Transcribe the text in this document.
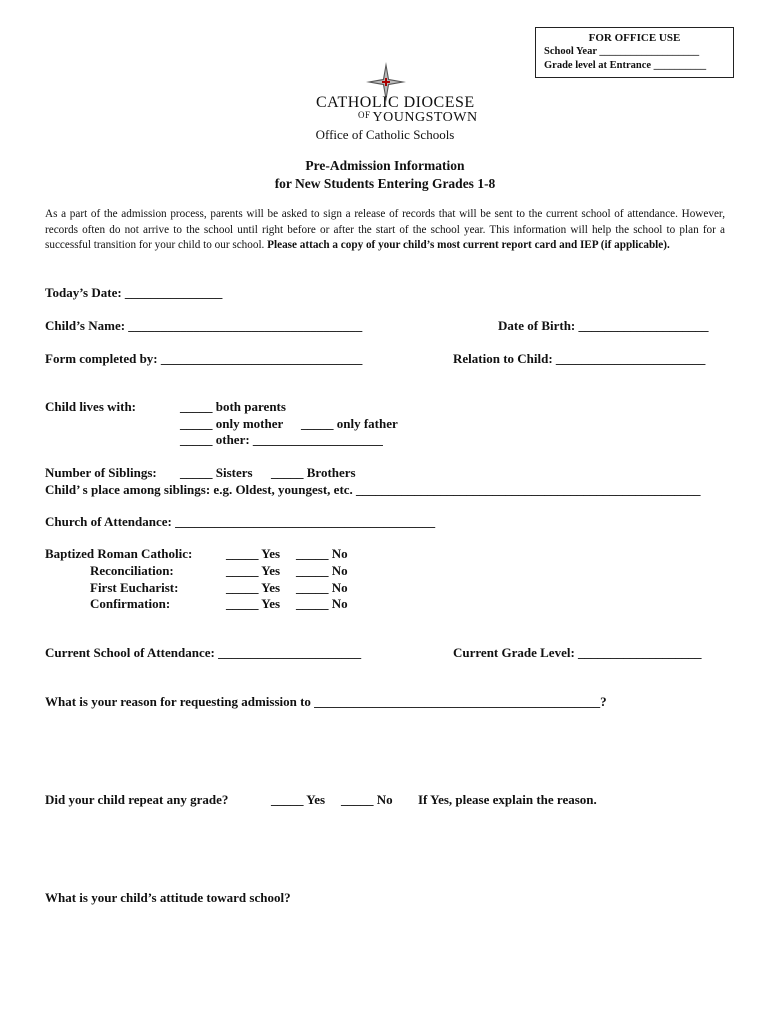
FOR OFFICE USE
School Year ___________________
Grade level at Entrance __________
CATHOLIC DIOCESE
$^{OF}$ YOUNGSTOWN
Office of Catholic Schools
Pre-Admission Information
for New Students Entering Grades 1-8
As a part of the admission process, parents will be asked to sign a release of records that will be sent to the current school of attendance. However, records often do not arrive to the school until right before or after the start of the school year. This information will help the school to plan for a successful transition for your child to our school. Please attach a copy of your child’s most current report card and IEP (if applicable).
Today’s Date: _______________
Child’s Name: ____________________________________	Date of Birth: ____________________
Form completed by: _______________________________	Relation to Child: _______________________
Child lives with:	_____ both parents
_____ only mother _____ only father
_____ other: ____________________
Number of Siblings: _____ Sisters _____ Brothers
Child’ s place among siblings: e.g. Oldest, youngest, etc. _____________________________________________________
Church of Attendance: ________________________________________
Baptized Roman Catholic:	_____ Yes _____ No
Reconciliation:	_____ Yes _____ No
First Eucharist:	_____ Yes _____ No
Confirmation:	_____ Yes _____ No
Current School of Attendance: ______________________	Current Grade Level: ___________________
What is your reason for requesting admission to ____________________________________________?
Did your child repeat any grade?	_____ Yes _____ No If Yes, please explain the reason.
What is your child’s attitude toward school?
